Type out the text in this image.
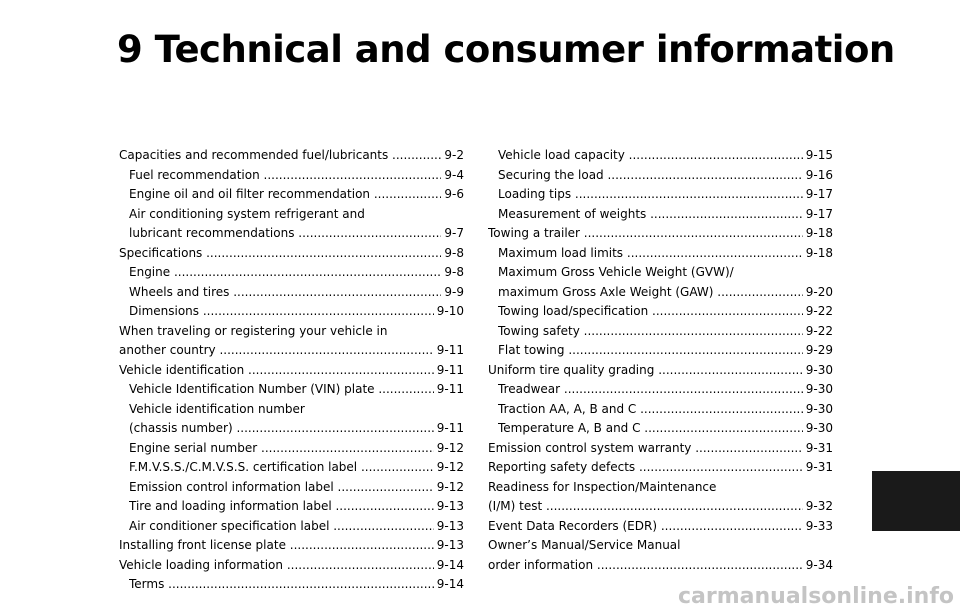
9 Technical and consumer information
Capacities and recommended fuel/lubricants .....	9-2
Fuel recommendation .....	9-4
Engine oil and oil filter recommendation .....	9-6
Air conditioning system refrigerant and
lubricant recommendations .....	9-7
Specifications .....	9-8
Engine .....	9-8
Wheels and tires .....	9-9
Dimensions .....	9-10
When traveling or registering your vehicle in
another country .....	9-11
Vehicle identification .....	9-11
Vehicle Identification Number (VIN) plate .....	9-11
Vehicle identification number
(chassis number) .....	9-11
Engine serial number .....	9-12
F.M.V.S.S./C.M.V.S.S. certification label .....	9-12
Emission control information label .....	9-12
Tire and loading information label .....	9-13
Air conditioner specification label .....	9-13
Installing front license plate .....	9-13
Vehicle loading information .....	9-14
Terms .....	9-14
Vehicle load capacity .....	9-15
Securing the load .....	9-16
Loading tips .....	9-17
Measurement of weights .....	9-17
Towing a trailer .....	9-18
Maximum load limits .....	9-18
Maximum Gross Vehicle Weight (GVW)/
maximum Gross Axle Weight (GAW) .....	9-20
Towing load/specification .....	9-22
Towing safety .....	9-22
Flat towing .....	9-29
Uniform tire quality grading .....	9-30
Treadwear .....	9-30
Traction AA, A, B and C .....	9-30
Temperature A, B and C .....	9-30
Emission control system warranty .....	9-31
Reporting safety defects .....	9-31
Readiness for Inspection/Maintenance
(I/M) test .....	9-32
Event Data Recorders (EDR) .....	9-33
Owner’s Manual/Service Manual
order information .....	9-34
carmanualsonline.info
